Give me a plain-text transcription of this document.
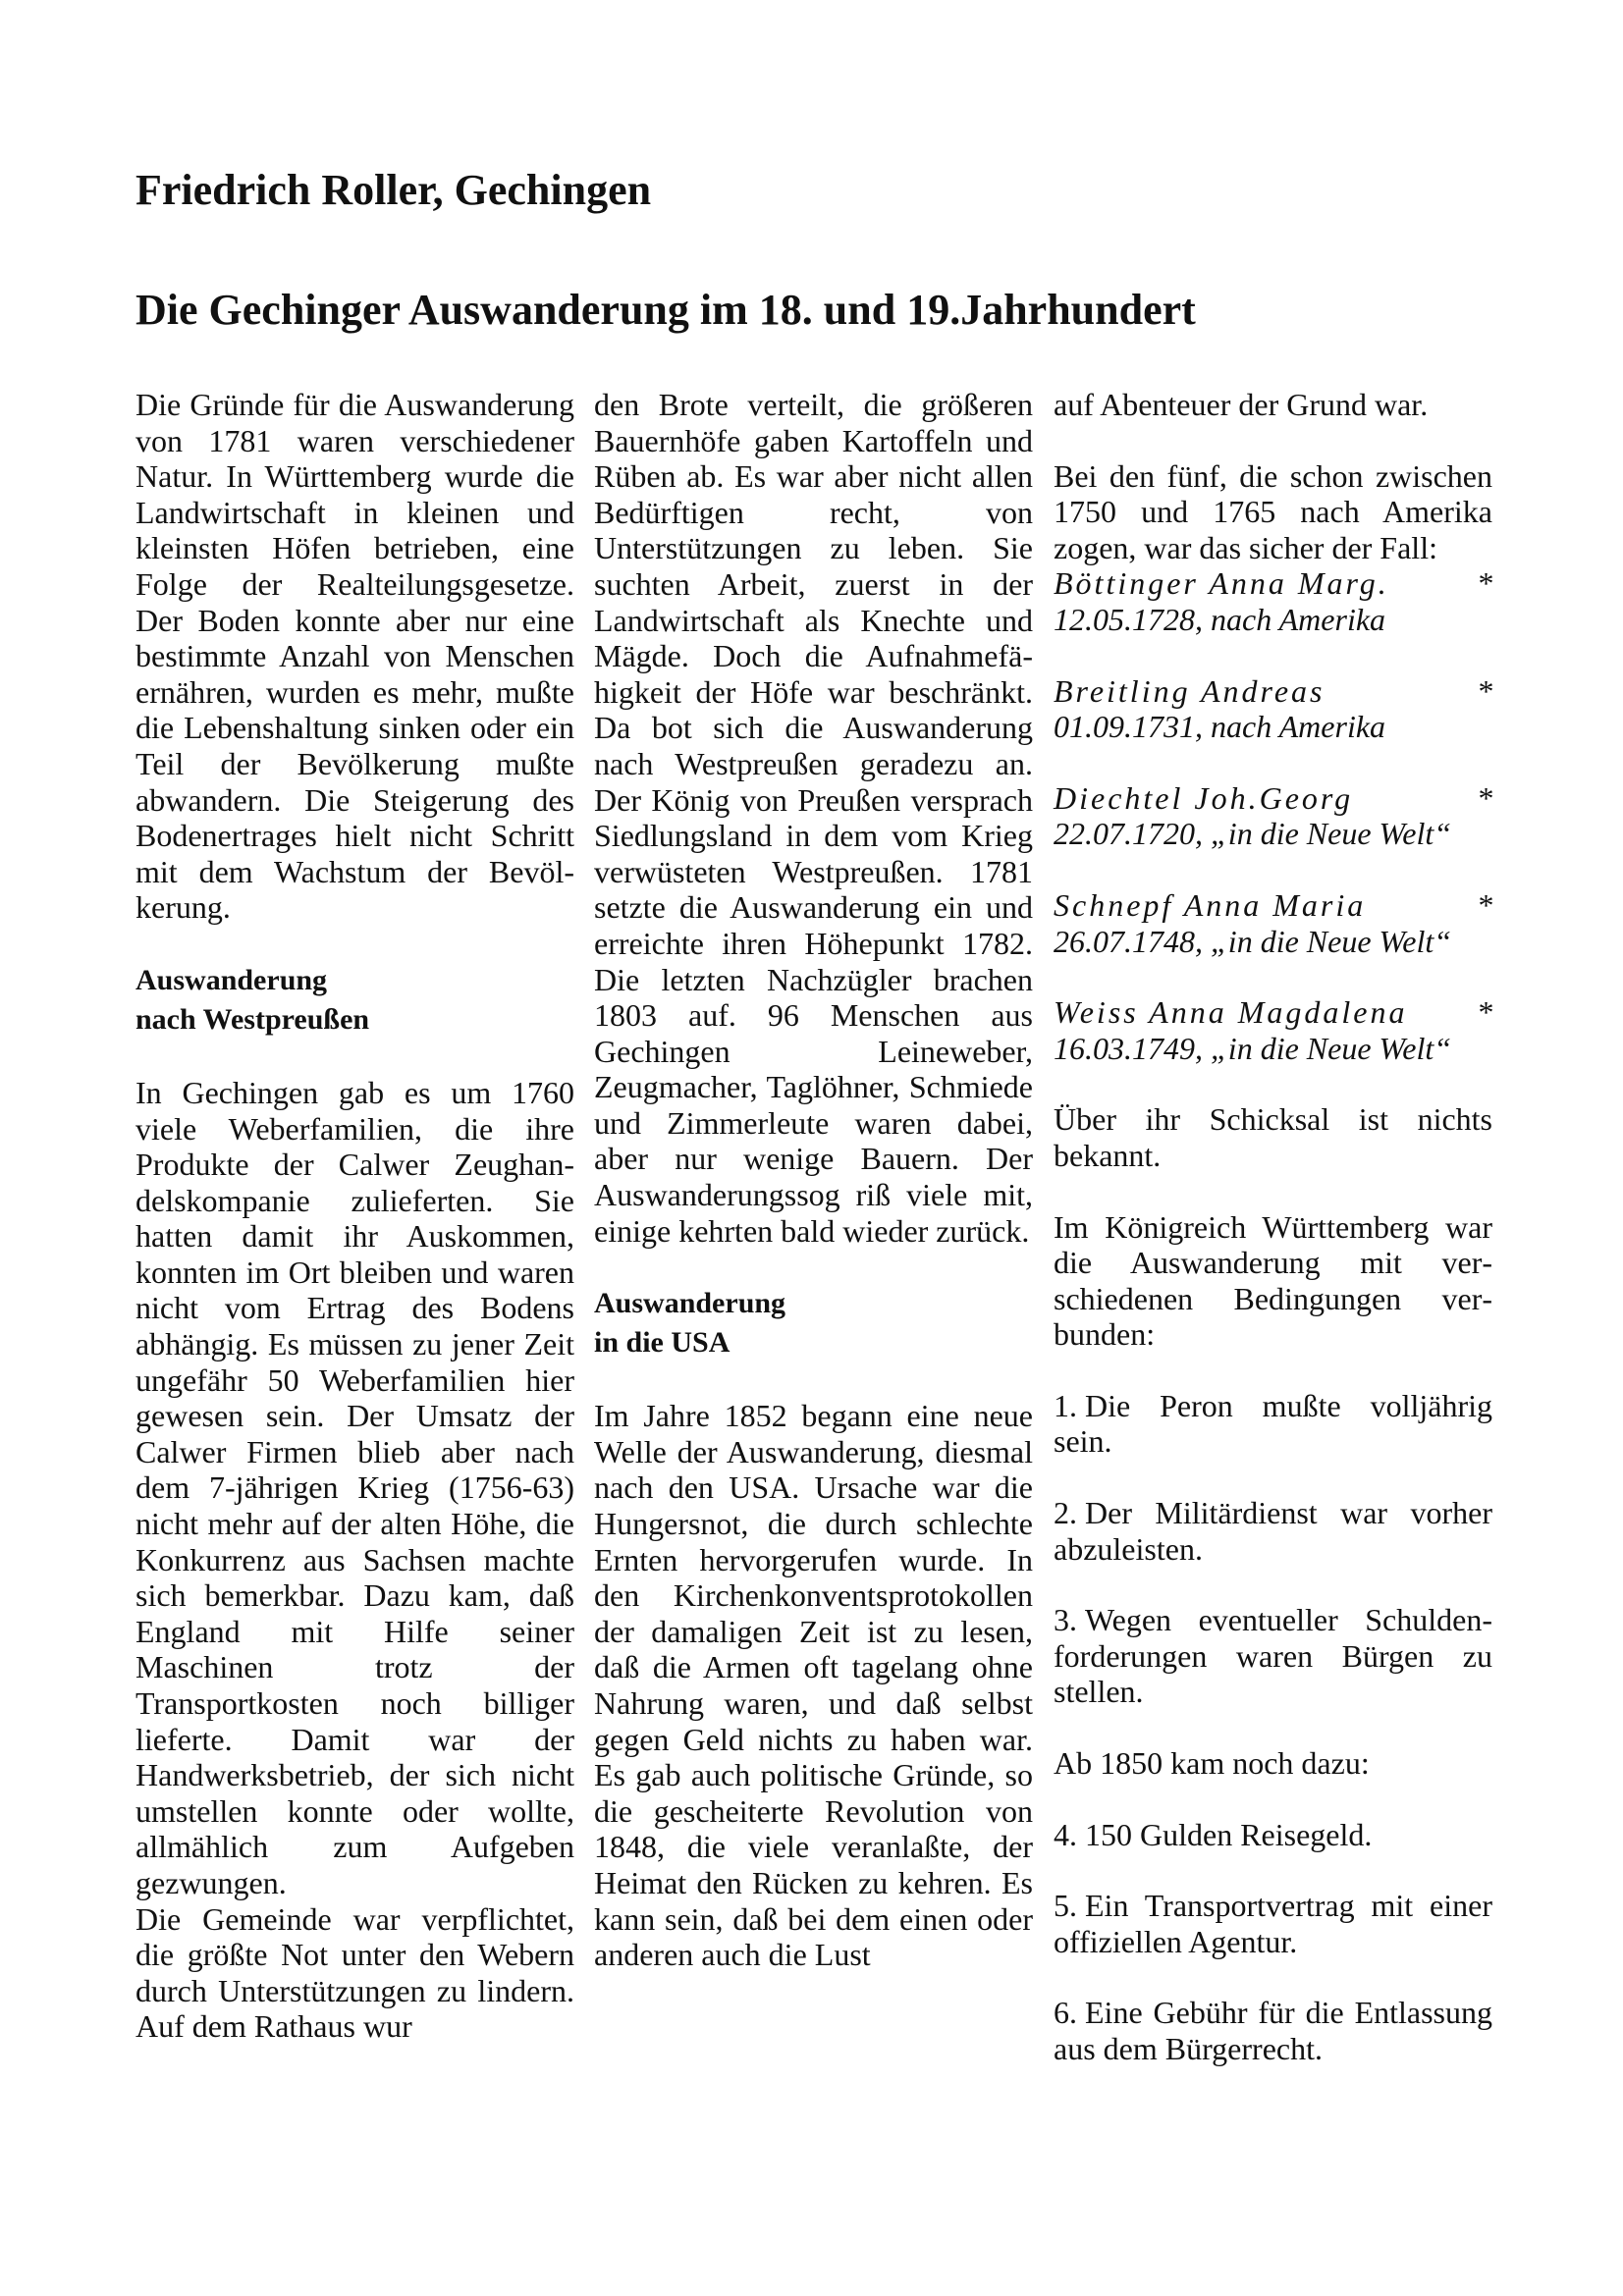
Friedrich Roller, Gechingen
Die Gechinger Auswanderung im 18. und 19.Jahrhundert

Die Gründe für die Auswanderung von 1781 waren verschiedener Natur. In Württemberg wurde die Landwirtschaft in kleinen und kleinsten Höfen betrieben, eine Folge der Realteilungsgesetze. Der Boden konnte aber nur eine bestimmte Anzahl von Menschen ernähren, wurden es mehr, mußte die Lebenshaltung sinken oder ein Teil der Bevölkerung mußte abwandern. Die Steigerung des Bodenertrages hielt nicht Schritt mit dem Wachstum der Bevölkerung.

Auswanderung
nach Westpreußen

In Gechingen gab es um 1760 viele Weberfamilien, die ihre Produkte der Calwer Zeughandelskompanie zulieferten. Sie hatten damit ihr Auskommen, konnten im Ort bleiben und waren nicht vom Ertrag des Bodens abhängig. Es müssen zu jener Zeit ungefähr 50 Weberfamilien hier gewesen sein. Der Umsatz der Calwer Firmen blieb aber nach dem 7-jährigen Krieg (1756-63) nicht mehr auf der alten Höhe, die Konkurrenz aus Sachsen machte sich bemerkbar. Dazu kam, daß England mit Hilfe seiner Maschinen trotz der Transportkosten noch billiger lieferte. Damit war der Handwerksbetrieb, der sich nicht umstellen konnte oder wollte, allmählich zum Aufgeben gezwungen.

Die Gemeinde war verpflichtet, die größte Not unter den Webern durch Unterstützungen zu lindern. Auf dem Rathaus wur

den Brote verteilt, die größeren Bauernhöfe gaben Kartoffeln und Rüben ab. Es war aber nicht allen Bedürftigen recht, von Unterstützungen zu leben. Sie suchten Arbeit, zuerst in der Landwirtschaft als Knechte und Mägde. Doch die Aufnahmefähigkeit der Höfe war beschränkt. Da bot sich die Auswanderung nach Westpreußen geradezu an. Der König von Preußen versprach Siedlungsland in dem vom Krieg verwüsteten Westpreußen. 1781 setzte die Auswanderung ein und erreichte ihren Höhepunkt 1782. Die letzten Nachzügler brachen 1803 auf. 96 Menschen aus Gechingen Leineweber, Zeugmacher, Taglöhner, Schmiede und Zimmerleute waren dabei, aber nur wenige Bauern. Der Auswanderungssog riß viele mit, einige kehrten bald wieder zurück.

Auswanderung
in die USA

Im Jahre 1852 begann eine neue Welle der Auswanderung, diesmal nach den USA. Ursache war die Hungersnot, die durch schlechte Ernten hervorgerufen wurde. In den Kirchenkonventsprotokollen der damaligen Zeit ist zu lesen, daß die Armen oft tagelang ohne Nahrung waren, und daß selbst gegen Geld nichts zu haben war. Es gab auch politische Gründe, so die gescheiterte Revolution von 1848, die viele veranlaßte, der Heimat den Rücken zu kehren. Es kann sein, daß bei dem einen oder anderen auch die Lust

auf Abenteuer der Grund war.

Bei den fünf, die schon zwischen 1750 und 1765 nach Amerika zogen, war das sicher der Fall:

Böttinger Anna Marg.	*
12.05.1728, nach Amerika
Breitling Andreas	*
01.09.1731, nach Amerika
Diechtel Joh.Georg	*
22.07.1720, „in die Neue Welt“
Schnepf Anna Maria	*
26.07.1748, „in die Neue Welt“
Weiss Anna Magdalena *
16.03.1749, „in die Neue Welt“

Über ihr Schicksal ist nichts bekannt.

Im Königreich Württemberg war die Auswanderung mit verschiedenen Bedingungen verbunden:

1. Die Peron mußte volljährig sein.
2. Der Militärdienst war vorher abzuleisten.
3. Wegen eventueller Schuldenforderungen waren Bürgen zu stellen.

Ab 1850 kam noch dazu:

4. 150 Gulden Reisegeld.
5. Ein Transportvertrag mit einer offiziellen Agentur.
6. Eine Gebühr für die Entlassung aus dem Bürgerrecht.
